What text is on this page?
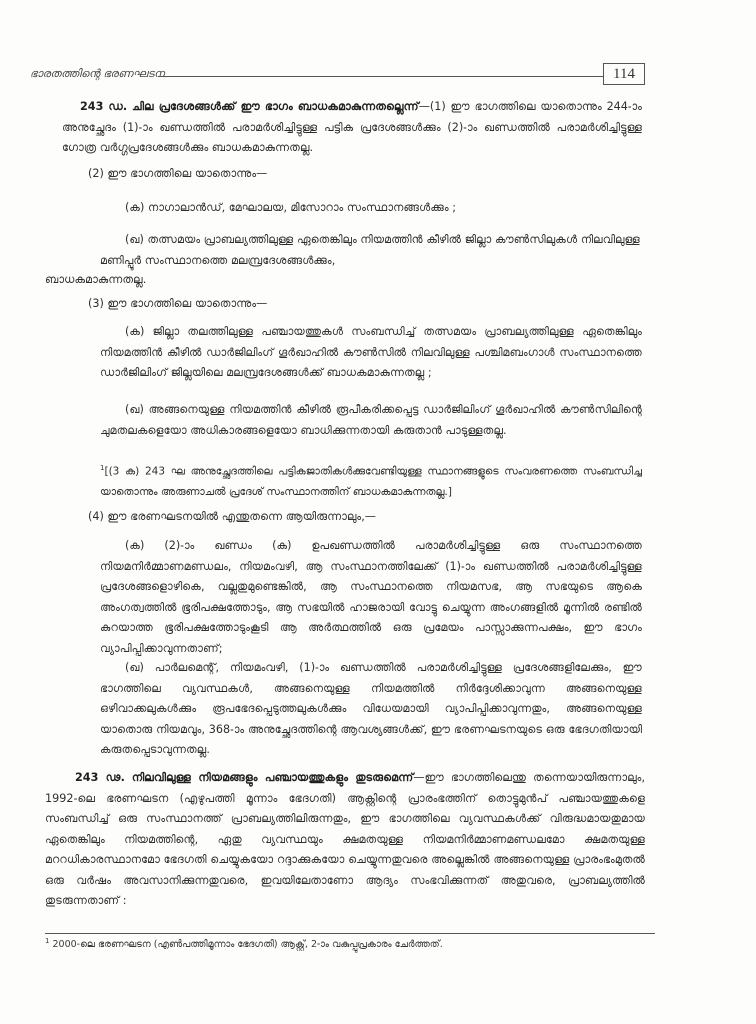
ഭാരതത്തിന്റെ ഭരണഘടന	114
243 ഡ. ചില പ്രദേശങ്ങൾക്ക് ഈ ഭാഗം ബാധകമാകുന്നതല്ലെന്ന്—(1) ഈ ഭാഗത്തിലെ യാതൊന്നും 244-ാം അനുച്ഛേദം (1)-ാം ഖണ്ഡത്തിൽ പരാമർശിച്ചിട്ടുള്ള പട്ടിക പ്രദേശങ്ങൾക്കും (2)-ാം ഖണ്ഡത്തിൽ പരാമർശിച്ചിട്ടുള്ള ഗോത്ര വർഗ്ഗപ്രദേശങ്ങൾക്കും ബാധകമാകുന്നതല്ല.
(2) ഈ ഭാഗത്തിലെ യാതൊന്നും—
(ക) നാഗാലാൻഡ്, മേഘാലയ, മിസോറാം സംസ്ഥാനങ്ങൾക്കും ;
(ഖ) തത്സമയം പ്രാബല്യത്തിലുള്ള ഏതെങ്കിലും നിയമത്തിൻ കീഴിൽ ജില്ലാ കൗൺസിലുകൾ നിലവിലുള്ള മണിപ്പൂർ സംസ്ഥാനത്തെ മലമ്പ്രദേശങ്ങൾക്കും,
ബാധകമാകുന്നതല്ല.
(3) ഈ ഭാഗത്തിലെ യാതൊന്നും—
(ക) ജില്ലാ തലത്തിലുള്ള പഞ്ചായത്തുകൾ സംബന്ധിച്ച് തത്സമയം പ്രാബല്യത്തിലുള്ള ഏതെങ്കിലും നിയമത്തിൻ കീഴിൽ ഡാർജിലിംഗ് ഗൂർഖാഹിൽ കൗൺസിൽ നിലവിലുള്ള പശ്ചിമബംഗാൾ സംസ്ഥാനത്തെ ഡാർജിലിംഗ് ജില്ലയിലെ മലമ്പ്രദേശങ്ങൾക്ക് ബാധകമാകുന്നതല്ല ;
(ഖ) അങ്ങനെയുള്ള നിയമത്തിൻ കീഴിൽ രൂപീകരിക്കപ്പെട്ട ഡാർജിലിംഗ് ഗൂർഖാഹിൽ കൗൺസിലിന്റെ ചുമതലകളെയോ അധികാരങ്ങളെയോ ബാധിക്കുന്നതായി കരുതാൻ പാടുള്ളതല്ല.
$^1$[(3 ക) 243 ഘ അനുച്ഛേദത്തിലെ പട്ടികജാതികൾക്കുവേണ്ടിയുള്ള സ്ഥാനങ്ങളുടെ സംവരണത്തെ സംബന്ധിച്ച യാതൊന്നും അരുണാചൽ പ്രദേശ് സംസ്ഥാനത്തിന് ബാധകമാകുന്നതല്ല.]
(4) ഈ ഭരണഘടനയിൽ എന്തുതന്നെ ആയിരുന്നാലും,—
(ക) (2)-ാം ഖണ്ഡം (ക) ഉപഖണ്ഡത്തിൽ പരാമർശിച്ചിട്ടുള്ള ഒരു സംസ്ഥാനത്തെ നിയമനിർമ്മാണമണ്ഡലം, നിയമംവഴി, ആ സംസ്ഥാനത്തിലേക്ക് (1)-ാം ഖണ്ഡത്തിൽ പരാമർശിച്ചിട്ടുള്ള പ്രദേശങ്ങളൊഴികെ, വല്ലതുമുണ്ടെങ്കിൽ, ആ സംസ്ഥാനത്തെ നിയമസഭ, ആ സഭയുടെ ആകെ അംഗത്വത്തിൽ ഭൂരിപക്ഷത്തോടും, ആ സഭയിൽ ഹാജരായി വോട്ടു ചെയ്യുന്ന അംഗങ്ങളിൽ മൂന്നിൽ രണ്ടിൽ കുറയാത്ത ഭൂരിപക്ഷത്തോടുംകൂടി ആ അർത്ഥത്തിൽ ഒരു പ്രമേയം പാസ്സാക്കുന്നപക്ഷം, ഈ ഭാഗം വ്യാപിപ്പിക്കാവുന്നതാണ്;
(ഖ) പാർലമെന്റ്, നിയമംവഴി, (1)-ാം ഖണ്ഡത്തിൽ പരാമർശിച്ചിട്ടുള്ള പ്രദേശങ്ങളിലേക്കും, ഈ ഭാഗത്തിലെ വ്യവസ്ഥകൾ, അങ്ങനെയുള്ള നിയമത്തിൽ നിർദ്ദേശിക്കാവുന്ന അങ്ങനെയുള്ള ഒഴിവാക്കലുകൾക്കും രൂപഭേദപ്പെടുത്തലുകൾക്കും വിധേയമായി വ്യാപിപ്പിക്കാവുന്നതും, അങ്ങനെയുള്ള യാതൊരു നിയമവും, 368-ാം അനുച്ഛേദത്തിന്റെ ആവശ്യങ്ങൾക്ക്, ഈ ഭരണഘടനയുടെ ഒരു ഭേദഗതിയായി കരുതപ്പെടാവുന്നതല്ല.
243 ഢ. നിലവിലുള്ള നിയമങ്ങളും പഞ്ചായത്തുകളും തുടരുമെന്ന്—ഈ ഭാഗത്തിലെന്തു തന്നെയായിരുന്നാലും, 1992-ലെ ഭരണഘടന (എഴുപത്തി മൂന്നാം ഭേദഗതി) ആക്റ്റിന്റെ പ്രാരംഭത്തിന് തൊട്ടുമുൻപ് പഞ്ചായത്തുകളെ സംബന്ധിച്ച് ഒരു സംസ്ഥാനത്ത് പ്രാബല്യത്തിലിരുന്നതും, ഈ ഭാഗത്തിലെ വ്യവസ്ഥകൾക്ക് വിരുദ്ധമായതുമായ ഏതെങ്കിലും നിയമത്തിന്റെ, ഏതു വ്യവസ്ഥയും ക്ഷമതയുള്ള നിയമനിർമ്മാണമണ്ഡലമോ ക്ഷമതയുള്ള മററധികാരസ്ഥാനമോ ഭേദഗതി ചെയ്യുകയോ റദ്ദാക്കുകയോ ചെയ്യുന്നതുവരെ അല്ലെങ്കിൽ അങ്ങനെയുള്ള പ്രാരംഭംമുതൽ ഒരു വർഷം അവസാനിക്കുന്നതുവരെ, ഇവയിലേതാണോ ആദ്യം സംഭവിക്കുന്നത് അതുവരെ, പ്രാബല്യത്തിൽ തുടരുന്നതാണ് :
$^1$ 2000-ലെ ഭരണഘടന (എൺപത്തിമൂന്നാം ഭേദഗതി) ആക്റ്റ്, 2-ാം വകുപ്പുപ്രകാരം ചേർത്തത്.
